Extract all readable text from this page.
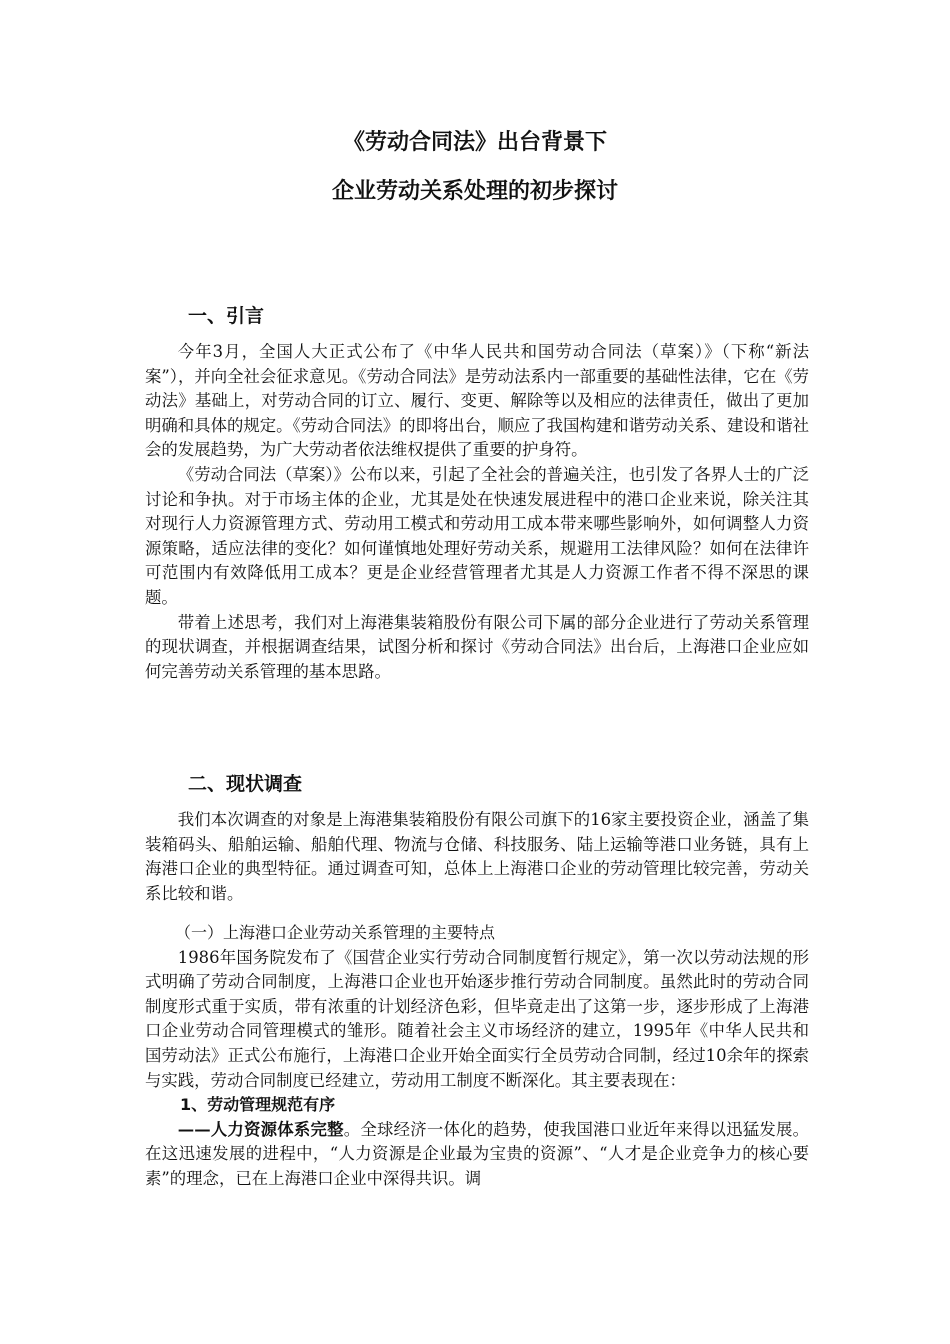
《劳动合同法》出台背景下
企业劳动关系处理的初步探讨
一、引言

今年3月，全国人大正式公布了《中华人民共和国劳动合同法（草案）》（下称“新法案”），并向全社会征求意见。《劳动合同法》是劳动法系内一部重要的基础性法律，它在《劳动法》基础上，对劳动合同的订立、履行、变更、解除等以及相应的法律责任，做出了更加明确和具体的规定。《劳动合同法》的即将出台，顺应了我国构建和谐劳动关系、建设和谐社会的发展趋势，为广大劳动者依法维权提供了重要的护身符。

《劳动合同法（草案）》公布以来，引起了全社会的普遍关注，也引发了各界人士的广泛讨论和争执。对于市场主体的企业，尤其是处在快速发展进程中的港口企业来说，除关注其对现行人力资源管理方式、劳动用工模式和劳动用工成本带来哪些影响外，如何调整人力资源策略，适应法律的变化？如何谨慎地处理好劳动关系，规避用工法律风险？如何在法律许可范围内有效降低用工成本？更是企业经营管理者尤其是人力资源工作者不得不深思的课题。

带着上述思考，我们对上海港集装箱股份有限公司下属的部分企业进行了劳动关系管理的现状调查，并根据调查结果，试图分析和探讨《劳动合同法》出台后，上海港口企业应如何完善劳动关系管理的基本思路。

二、现状调查

我们本次调查的对象是上海港集装箱股份有限公司旗下的16家主要投资企业，涵盖了集装箱码头、船舶运输、船舶代理、物流与仓储、科技服务、陆上运输等港口业务链，具有上海港口企业的典型特征。通过调查可知，总体上上海港口企业的劳动管理比较完善，劳动关系比较和谐。

（一）上海港口企业劳动关系管理的主要特点

1986年国务院发布了《国营企业实行劳动合同制度暂行规定》，第一次以劳动法规的形式明确了劳动合同制度，上海港口企业也开始逐步推行劳动合同制度。虽然此时的劳动合同制度形式重于实质，带有浓重的计划经济色彩，但毕竟走出了这第一步，逐步形成了上海港口企业劳动合同管理模式的雏形。随着社会主义市场经济的建立，1995年《中华人民共和国劳动法》正式公布施行，上海港口企业开始全面实行全员劳动合同制，经过10余年的探索与实践，劳动合同制度已经建立，劳动用工制度不断深化。其主要表现在：

1、劳动管理规范有序

——人力资源体系完整。全球经济一体化的趋势，使我国港口业近年来得以迅猛发展。在这迅速发展的进程中，“人力资源是企业最为宝贵的资源”、“人才是企业竞争力的核心要素”的理念，已在上海港口企业中深得共识。调
